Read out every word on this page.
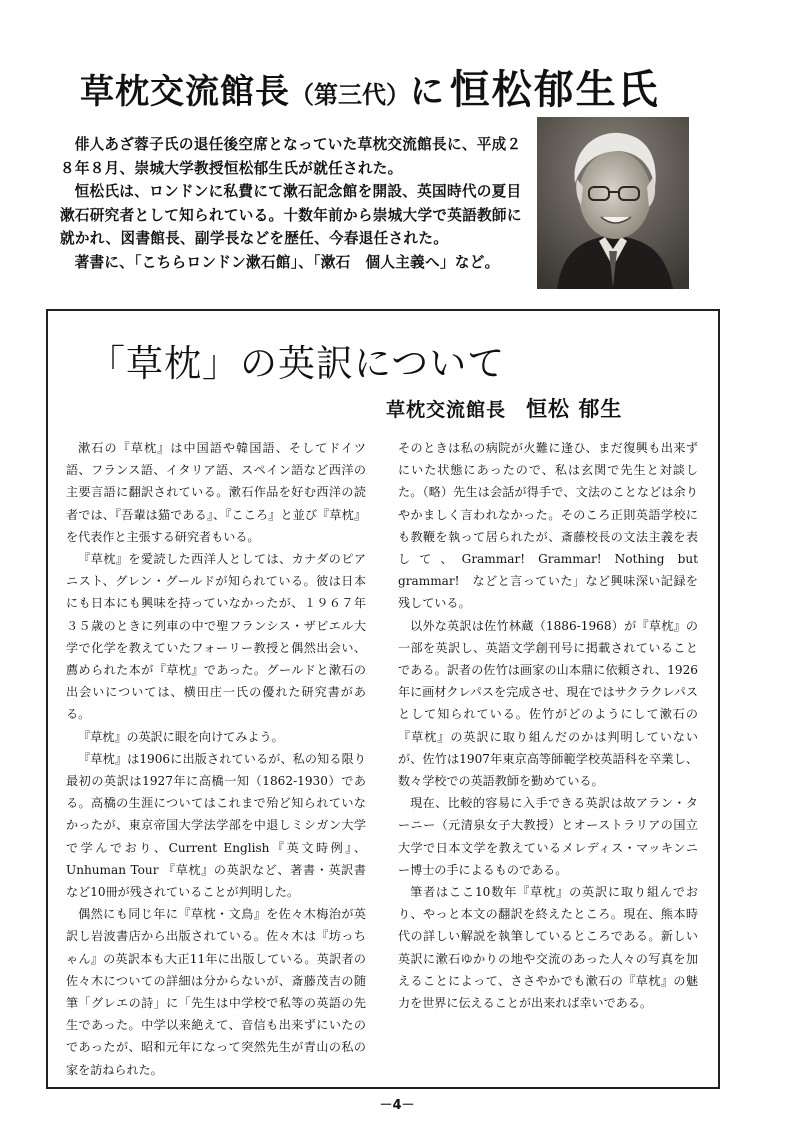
草枕交流館長（第三代）に 恒松郁生氏

俳人あざ蓉子氏の退任後空席となっていた草枕交流館長に、平成２８年８月、崇城大学教授恒松郁生氏が就任された。

恒松氏は、ロンドンに私費にて漱石記念館を開設、英国時代の夏目漱石研究者として知られている。十数年前から崇城大学で英語教師に就かれ、図書館長、副学長などを歴任、今春退任された。

著書に、「こちらロンドン漱石館」、「漱石　個人主義へ」など。

「草枕」の英訳について
草枕交流館長 恒松 郁生

漱石の『草枕』は中国語や韓国語、そしてドイツ語、フランス語、イタリア語、スペイン語など西洋の主要言語に翻訳されている。漱石作品を好む西洋の読者では、『吾輩は猫である』、『こころ』と並び『草枕』を代表作と主張する研究者もいる。

『草枕』を愛読した西洋人としては、カナダのピアニスト、グレン・グールドが知られている。彼は日本にも日本にも興味を持っていなかったが、１９６７年３５歳のときに列車の中で聖フランシス・ザビエル大学で化学を教えていたフォーリー教授と偶然出会い、薦められた本が『草枕』であった。グールドと漱石の出会いについては、横田庄一氏の優れた研究書がある。

『草枕』の英訳に眼を向けてみよう。

『草枕』は1906に出版されているが、私の知る限り最初の英訳は1927年に高橋一知（1862-1930）である。高橋の生涯についてはこれまで殆ど知られていなかったが、東京帝国大学法学部を中退しミシガン大学で学んでおり、Current English『英文時例』、Unhuman Tour 『草枕』の英訳など、著書・英訳書 など10冊が残されていることが判明した。

偶然にも同じ年に『草枕・文鳥』を佐々木梅治が英訳し岩波書店から出版されている。佐々木は『坊っちゃん』の英訳本も大正11年に出版している。英訳者の佐々木についての詳細は分からないが、斎藤茂吉の随筆「グレエの詩」に「先生は中学校で私等の英語の先生であった。中学以来絶えて、音信も出来ずにいたのであったが、昭和元年になって突然先生が青山の私の家を訪ねられた。

そのときは私の病院が火難に逢ひ、まだ復興も出来ずにいた状態にあったので、私は玄関で先生と対談した。（略）先生は会話が得手で、文法のことなどは余りやかましく言われなかった。そのころ正則英語学校にも教鞭を執って居られたが、斎藤校長の文法主義を表して、Grammar! Grammar! Nothing but grammar!　などと言っていた」など興味深い記録を残している。

以外な英訳は佐竹林蔵（1886-1968）が『草枕』の一部を英訳し、英語文学創刊号に掲載されていることである。訳者の佐竹は画家の山本鼎に依頼され、1926年に画材クレパスを完成させ、現在ではサクラクレパスとして知られている。佐竹がどのようにして漱石の『草枕』の英訳に取り組んだのかは判明していないが、佐竹は1907年東京高等師範学校英語科を卒業し、数々学校での英語教師を勤めている。

現在、比較的容易に入手できる英訳は故アラン・ターニー（元清泉女子大教授）とオーストラリアの国立大学で日本文学を教えているメレディス・マッキンニー博士の手によるものである。

筆者はここ10数年『草枕』の英訳に取り組んでおり、やっと本文の翻訳を終えたところ。現在、熊本時代の詳しい解説を執筆しているところである。新しい英訳に漱石ゆかりの地や交流のあった人々の写真を加えることによって、ささやかでも漱石の『草枕』の魅力を世界に伝えることが出来れば幸いである。

－4－
